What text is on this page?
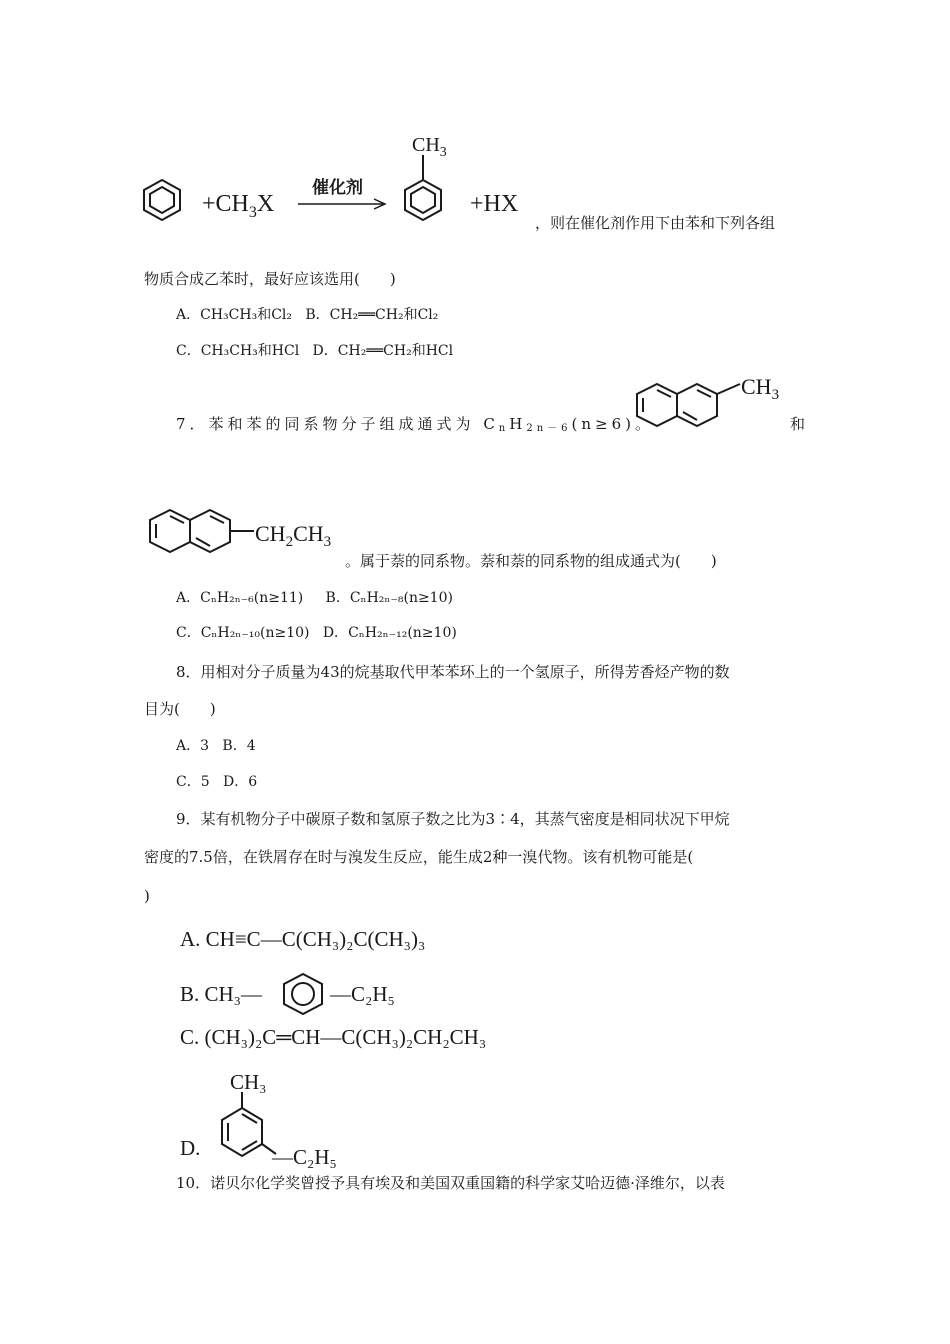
$+CH_3X$
催化剂
$CH_3$
+HX
，则在催化剂作用下由苯和下列各组
物质合成乙苯时，最好应该选用(　　)
A．CH₃CH₃和Cl₂ B．CH₂══CH₂和Cl₂
C．CH₃CH₃和HCl D．CH₂══CH₂和HCl
7．苯和苯的同系物分子组成通式为 $C_nH_{2n-6}(n\ge 6)$。
$CH_3$
和
$CH_2CH_3$
。属于萘的同系物。萘和萘的同系物的组成通式为(　　)
A．CₙH₂ₙ₋₆(n≥11) B．CₙH₂ₙ₋₈(n≥10)
C．CₙH₂ₙ₋₁₀(n≥10) D．CₙH₂ₙ₋₁₂(n≥10)
8．用相对分子质量为43的烷基取代甲苯苯环上的一个氢原子，所得芳香烃产物的数
目为(　　)
A．3 B．4
C．5 D．6
9．某有机物分子中碳原子数和氢原子数之比为3∶4，其蒸气密度是相同状况下甲烷
密度的7.5倍，在铁屑存在时与溴发生反应，能生成2种一溴代物。该有机物可能是(
)
A. CH≡C—C(CH₃)₂C(CH₃)₃
B. CH₃—	—C₂H₅
C. (CH₃)₂C═CH—C(CH₃)₂CH₂CH₃
D.
CH₃
—C₂H₅
10．诺贝尔化学奖曾授予具有埃及和美国双重国籍的科学家艾哈迈德·泽维尔，以表
